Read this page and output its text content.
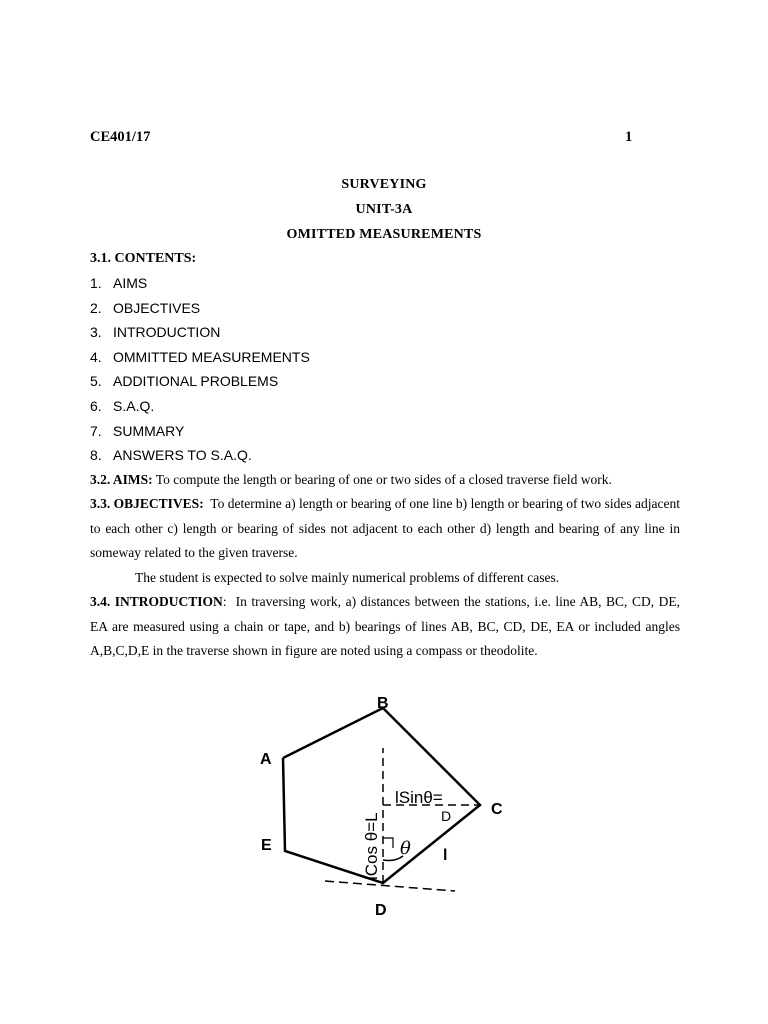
CE401/17	1
SURVEYING
UNIT-3A
OMITTED MEASUREMENTS
3.1. CONTENTS:
1. AIMS
2. OBJECTIVES
3. INTRODUCTION
4. OMMITTED MEASUREMENTS
5. ADDITIONAL PROBLEMS
6. S.A.Q.
7. SUMMARY
8. ANSWERS TO S.A.Q.
3.2. AIMS: To compute the length or bearing of one or two sides of a closed traverse field work.
3.3. OBJECTIVES: To determine a) length or bearing of one line b) length or bearing of two sides adjacent to each other c) length or bearing of sides not adjacent to each other d) length and bearing of any line in someway related to the given traverse.
The student is expected to solve mainly numerical problems of different cases.
3.4. INTRODUCTION:  In traversing work, a) distances between the stations, i.e. line AB, BC, CD, DE, EA are measured using a chain or tape, and b) bearings of lines AB, BC, CD, DE, EA or included angles A,B,C,D,E in the traverse shown in figure are noted using a compass or theodolite.
A
B
C
D
E
lSinθ=
D
lCos θ=L θ l
